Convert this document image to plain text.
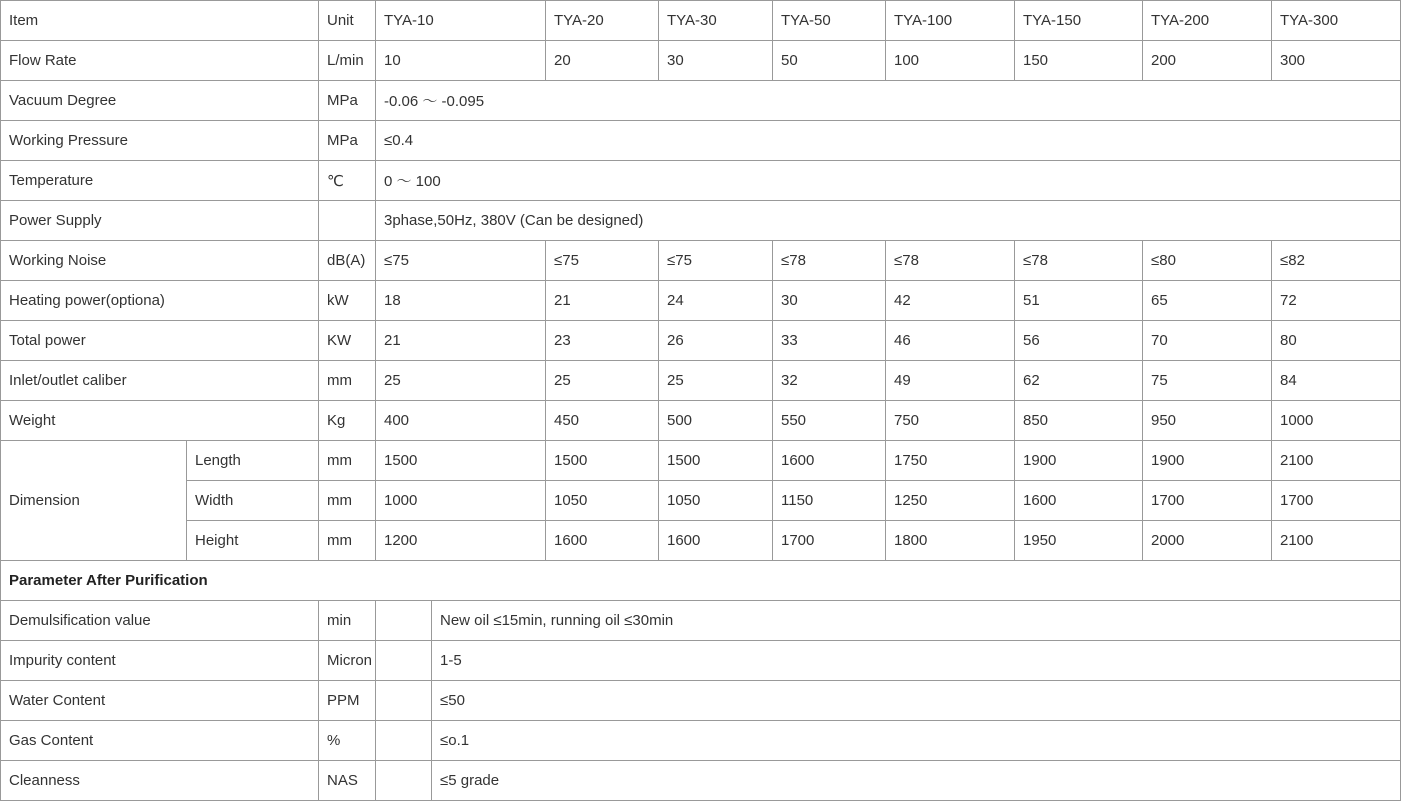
Item		Unit	TYA-10		TYA-20	TYA-30	TYA-50	TYA-100	TYA-150	TYA-200	TYA-300
Flow Rate		L/min	10		20	30	50	100	150	200	300
Vacuum Degree		MPa	-0.06 ～ -0.095								
Working Pressure		MPa	≤0.4								
Temperature		℃	0 ～ 100								
Power Supply			3phase,50Hz, 380V (Can be designed)								
Working Noise		dB(A)	≤75		≤75	≤75	≤78	≤78	≤78	≤80	≤82
Heating power(optiona)		kW	18		21	24	30	42	51	65	72
Total power		KW	21		23	26	33	46	56	70	80
Inlet/outlet caliber		mm	25		25	25	32	49	62	75	84
Weight		Kg	400		450	500	550	750	850	950	1000
Dimension	Length	mm	1500		1500	1500	1600	1750	1900	1900	2100
	Width	mm	1000		1050	1050	1150	1250	1600	1700	1700
	Height	mm	1200		1600	1600	1700	1800	1950	2000	2100
Parameter After Purification											
Demulsification value		min		New oil ≤15min, running oil ≤30min							
Impurity content		Micron		1-5							
Water Content		PPM		≤50							
Gas Content		%		≤o.1							
Cleanness		NAS		≤5 grade							
